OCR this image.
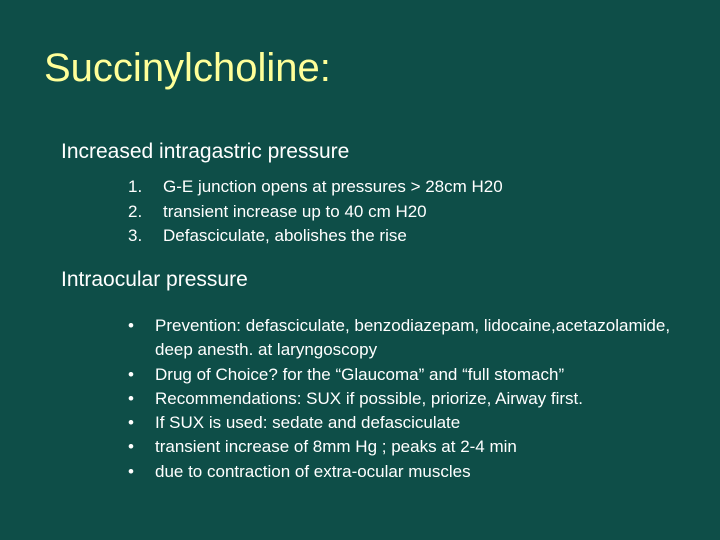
Succinylcholine:
Increased intragastric pressure
1. G-E junction opens at pressures > 28cm H20
2. transient increase up to 40 cm H20
3. Defasciculate, abolishes the rise
Intraocular pressure
• Prevention: defasciculate, benzodiazepam, lidocaine,acetazolamide, deep anesth. at laryngoscopy
• Drug of Choice? for the “Glaucoma” and “full stomach”
• Recommendations: SUX if possible, priorize, Airway first.
• If SUX is used: sedate and defasciculate
• transient increase of 8mm Hg ; peaks at 2-4 min
• due to contraction of extra-ocular muscles
